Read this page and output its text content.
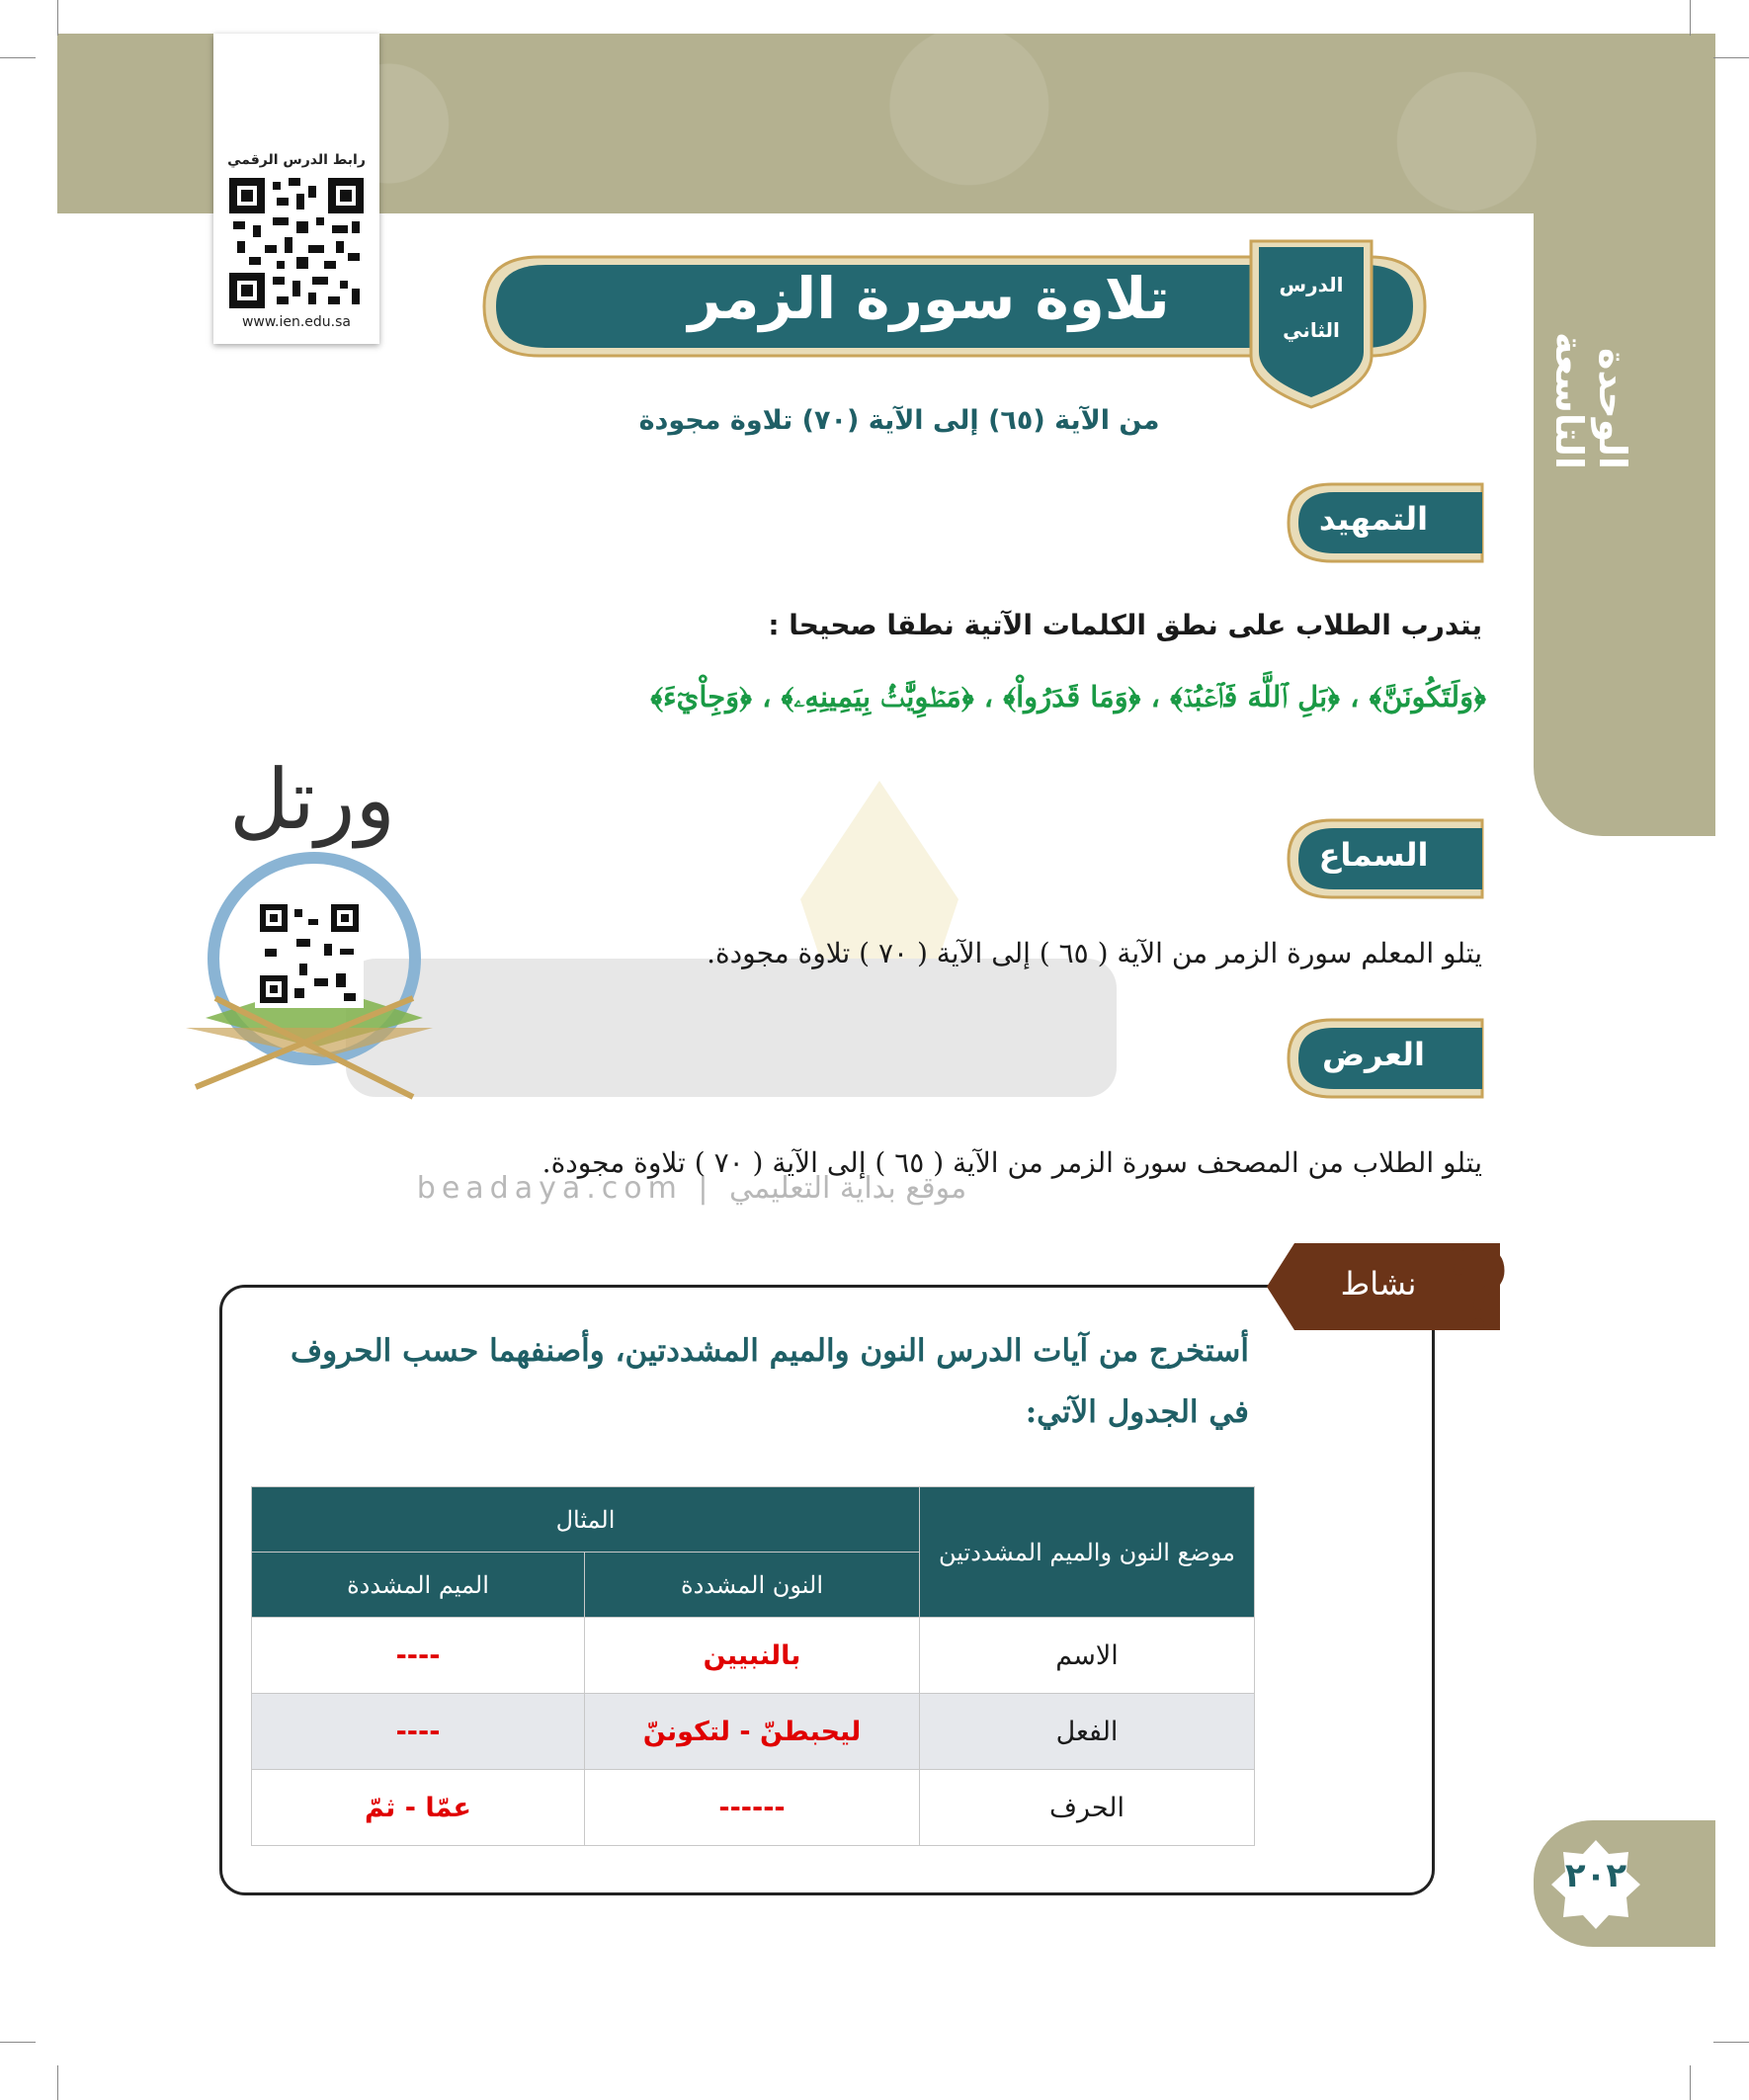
الوحدة التاسعة
رابط الدرس الرقمي
www.ien.edu.sa	تلاوة سورة الزمر	الدرس
الثاني
من الآية (٦٥) إلى الآية (٧٠) تلاوة مجودة
التمهيد
يتدرب الطلاب على نطق الكلمات الآتية نطقا صحيحا :
﴿وَلَتَكُونَنَّ﴾ ، ﴿بَلِ ٱللَّهَ فَٱعۡبُدۡ﴾ ، ﴿وَمَا قَدَرُواْ﴾ ، ﴿مَطۡوِيَّٰتُۢ بِيَمِينِهِۦ﴾ ، ﴿وَجِاْيٓءَ﴾
beadaya.com | موقع بداية التعليمي
ورتل
السماع
يتلو المعلم سورة الزمر من الآية ( ٦٥ ) إلى الآية ( ٧٠ ) تلاوة مجودة.
العرض
يتلو الطلاب من المصحف سورة الزمر من الآية ( ٦٥ ) إلى الآية ( ٧٠ ) تلاوة مجودة.
نشاط
أستخرج من آيات الدرس النون والميم المشددتين، وأصنفهما حسب الحروف في الجدول الآتي:
موضع النون والميم المشددتين	المثال	
	النون المشددة	الميم المشددة
الاسم	بالنبيين	----
الفعل	ليحبطنّ - لتكوننّ	----
الحرف	------	عمّا - ثمّ
٢٠٢
